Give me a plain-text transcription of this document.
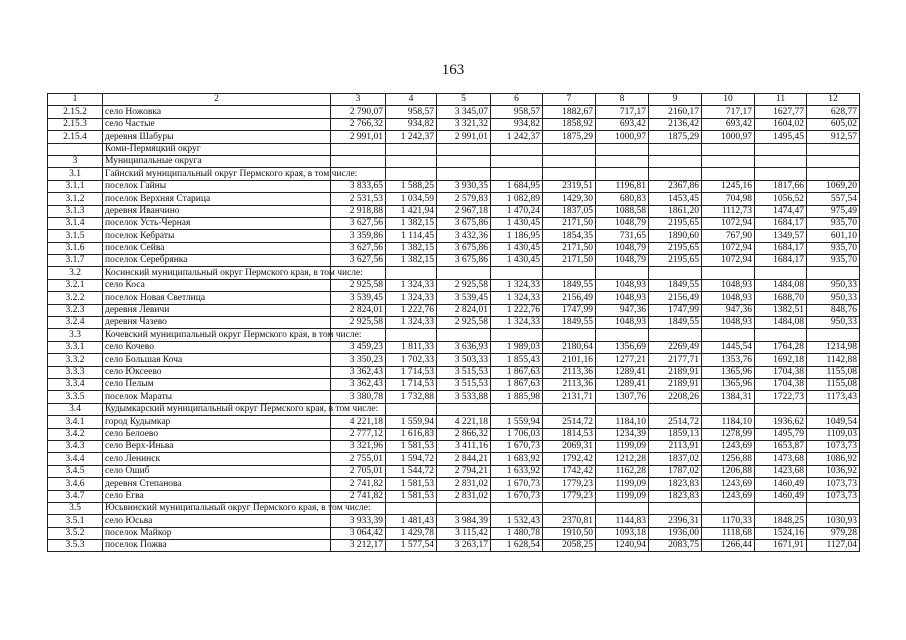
163
1	2	3	4	5	6	7	8	9	10	11	12
2.15.2	село Ножовка	2 790,07	958,57	3 345,07	958,57	1882,67	717,17	2160,17	717,17	1627,77	628,77
2.15.3	село Частые	2 766,32	934,82	3 321,32	934,82	1858,92	693,42	2136,42	693,42	1604,02	605,02
2.15.4	деревня Шабуры	2 991,01	1 242,37	2 991,01	1 242,37	1875,29	1000,97	1875,29	1000,97	1495,45	912,57
	Коми-Пермяцкий округ										
3	Муниципальные округа										
3.1	Гайнский муниципальный округ Пермского края, в том числе:										
3.1.1	поселок Гайны	3 833,65	1 588,25	3 930,35	1 684,95	2319,51	1196,81	2367,86	1245,16	1817,66	1069,20
3.1.2	поселок Верхняя Старица	2 531,53	1 034,59	2 579,83	1 082,89	1429,30	680,83	1453,45	704,98	1056,52	557,54
3.1.3	деревня Иванчино	2 918,88	1 421,94	2 967,18	1 470,24	1837,05	1088,58	1861,20	1112,73	1474,47	975,49
3.1.4	поселок Усть-Черная	3 627,56	1 382,15	3 675,86	1 430,45	2171,50	1048,79	2195,65	1072,94	1684,17	935,70
3.1.5	поселок Кебраты	3 359,86	1 114,45	3 432,36	1 186,95	1854,35	731,65	1890,60	767,90	1349,57	601,10
3.1.6	поселок Сейва	3 627,56	1 382,15	3 675,86	1 430,45	2171,50	1048,79	2195,65	1072,94	1684,17	935,70
3.1.7	поселок Серебрянка	3 627,56	1 382,15	3 675,86	1 430,45	2171,50	1048,79	2195,65	1072,94	1684,17	935,70
3.2	Косинский муниципальный округ Пермского края, в том числе:										
3.2.1	село Коса	2 925,58	1 324,33	2 925,58	1 324,33	1849,55	1048,93	1849,55	1048,93	1484,08	950,33
3.2.2	поселок Новая Светлица	3 539,45	1 324,33	3 539,45	1 324,33	2156,49	1048,93	2156,49	1048,93	1688,70	950,33
3.2.3	деревня Левичи	2 824,01	1 222,76	2 824,01	1 222,76	1747,99	947,36	1747,99	947,36	1382,51	848,76
3.2.4	деревня Чазево	2 925,58	1 324,33	2 925,58	1 324,33	1849,55	1048,93	1849,55	1048,93	1484,08	950,33
3.3	Кочевский муниципальный округ Пермского края, в том числе:										
3.3.1	село Кочево	3 459,23	1 811,33	3 636,93	1 989,03	2180,64	1356,69	2269,49	1445,54	1764,28	1214,98
3.3.2	село Большая Коча	3 350,23	1 702,33	3 503,33	1 855,43	2101,16	1277,21	2177,71	1353,76	1692,18	1142,88
3.3.3	село Юксеево	3 362,43	1 714,53	3 515,53	1 867,63	2113,36	1289,41	2189,91	1365,96	1704,38	1155,08
3.3.4	село Пелым	3 362,43	1 714,53	3 515,53	1 867,63	2113,36	1289,41	2189,91	1365,96	1704,38	1155,08
3.3.5	поселок Мараты	3 380,78	1 732,88	3 533,88	1 885,98	2131,71	1307,76	2208,26	1384,31	1722,73	1173,43
3.4	Кудымкарский муниципальный округ Пермского края, в том числе:										
3.4.1	город Кудымкар	4 221,18	1 559,94	4 221,18	1 559,94	2514,72	1184,10	2514,72	1184,10	1936,62	1049,54
3.4.2	село Белоево	2 777,12	1 616,83	2 866,32	1 706,03	1814,53	1234,39	1859,13	1278,99	1495,79	1109,03
3.4.3	село Верх-Иньва	3 321,96	1 581,53	3 411,16	1 670,73	2069,31	1199,09	2113,91	1243,69	1653,87	1073,73
3.4.4	село Ленинск	2 755,01	1 594,72	2 844,21	1 683,92	1792,42	1212,28	1837,02	1256,88	1473,68	1086,92
3.4.5	село Ошиб	2 705,01	1 544,72	2 794,21	1 633,92	1742,42	1162,28	1787,02	1206,88	1423,68	1036,92
3.4.6	деревня Степанова	2 741,82	1 581,53	2 831,02	1 670,73	1779,23	1199,09	1823,83	1243,69	1460,49	1073,73
3.4.7	село Егва	2 741,82	1 581,53	2 831,02	1 670,73	1779,23	1199,09	1823,83	1243,69	1460,49	1073,73
3.5	Юсьвинский муниципальный округ Пермского края, в том числе:										
3.5.1	село Юсьва	3 933,39	1 481,43	3 984,39	1 532,43	2370,81	1144,83	2396,31	1170,33	1848,25	1030,93
3.5.2	поселок Майкор	3 064,42	1 429,78	3 115,42	1 480,78	1910,50	1093,18	1936,00	1118,68	1524,16	979,28
3.5.3	поселок Пожва	3 212,17	1 577,54	3 263,17	1 628,54	2058,25	1240,94	2083,75	1266,44	1671,91	1127,04
